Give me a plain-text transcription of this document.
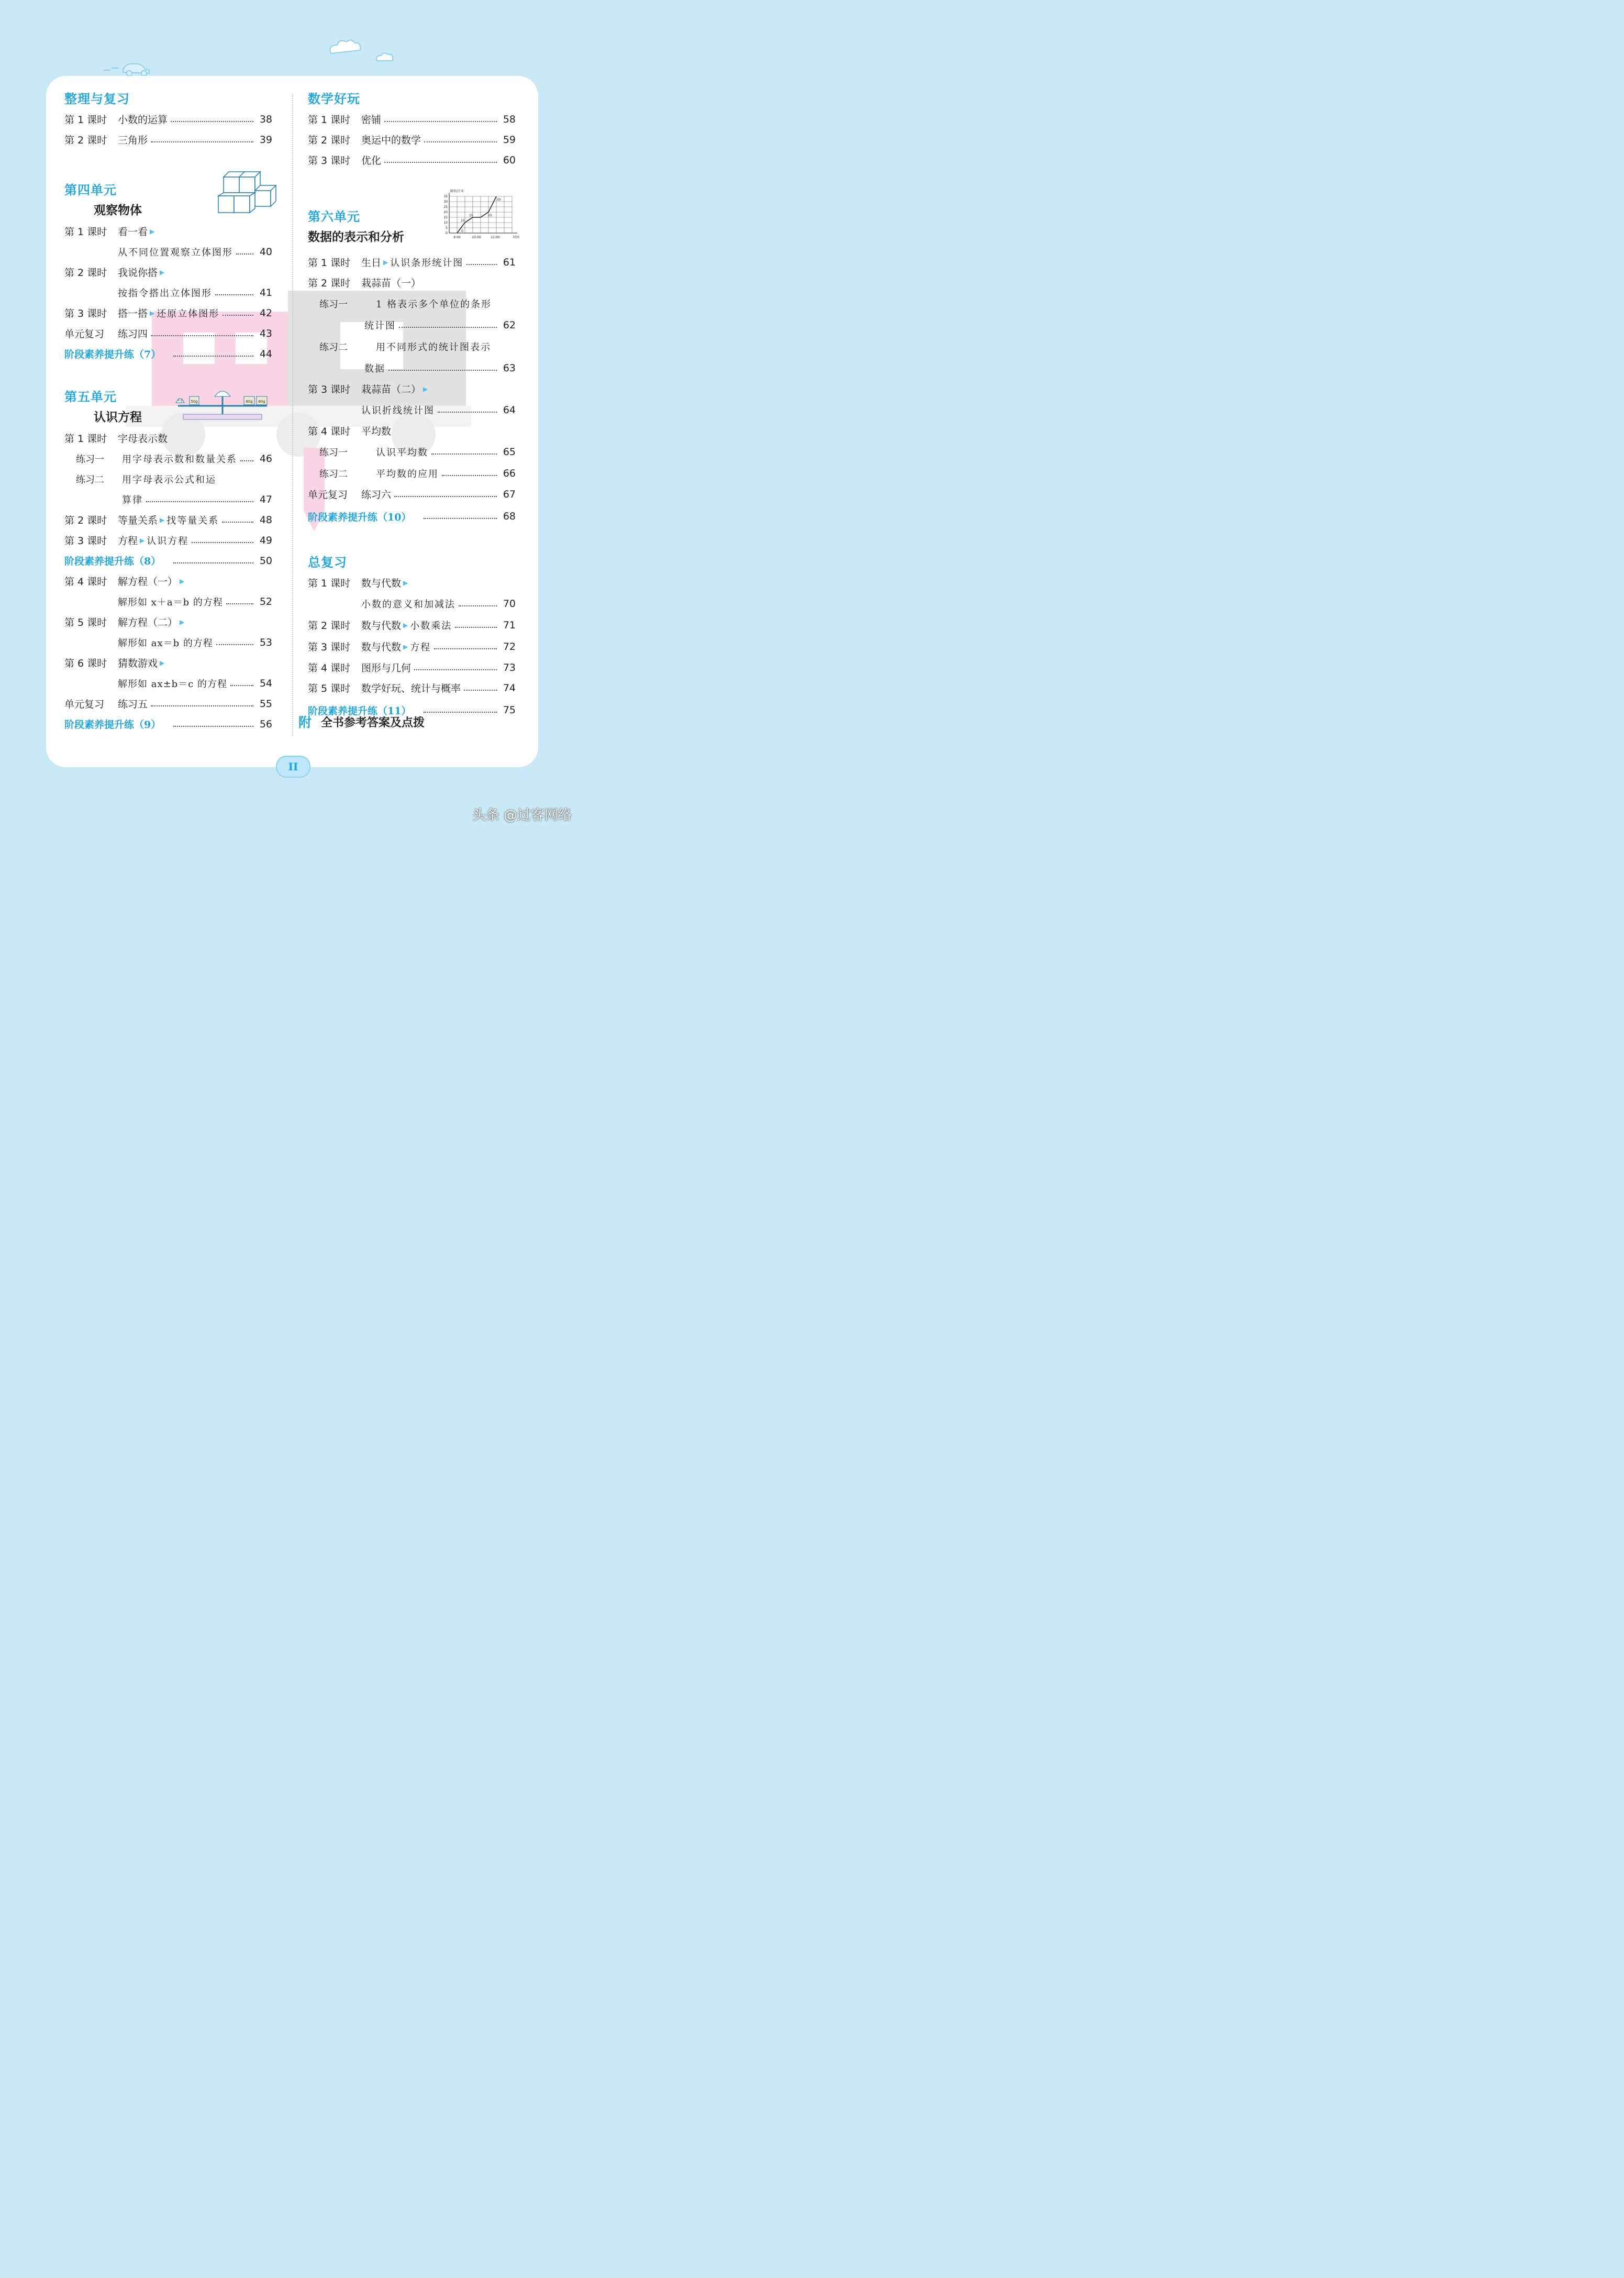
整理与复习
第 1 课时	小数的运算	38
第 2 课时	三角形	39
第四单元
观察物体
第 1 课时	看一看 ▶
从不同位置观察立体图形	40
第 2 课时	我说你搭 ▶
按指令搭出立体图形	41
第 3 课时	搭一搭 ▶ 还原立体图形	42
单元复习	练习四	43
阶段素养提升练（7）	44
第五单元
认识方程
第 1 课时	字母表示数
练习一	用字母表示数和数量关系 46
练习二	用字母表示公式和运
算律	47
第 2 课时	等量关系 ▶ 找等量关系	48
第 3 课时	方程 ▶ 认识方程	49
阶段素养提升练（8）	50
第 4 课时	解方程（一） ▶
解形如 x＋a＝b 的方程	52
第 5 课时	解方程（二） ▶
解形如 ax＝b 的方程	53
第 6 课时	猜数游戏 ▶
解形如 ax±b＝c 的方程	54
单元复习	练习五	55
阶段素养提升练（9）	56
50g
x g	80g 80g
数学好玩
第 1 课时	密铺	58
第 2 课时	奥运中的数学	59
第 3 课时	优化	60
第六单元
数据的表示和分析
第 1 课时	生日 ▶ 认识条形统计图	61
第 2 课时	栽蒜苗（一）
练习一	1 格表示多个单位的条形
统计图	62
练习二	用不同形式的统计图表示
数据	63
第 3 课时	栽蒜苗（二） ▶
认识折线统计图	64
第 4 课时	平均数
练习一	认识平均数	65
练习二	平均数的应用	66
单元复习	练习六	67
阶段素养提升练（10）	68
总复习
第 1 课时	数与代数 ▶
小数的意义和加减法	70
第 2 课时	数与代数 ▶ 小数乘法	71
第 3 课时	数与代数 ▶ 方程	72
第 4 课时	图形与几何	73
第 5 课时	数学好玩、统计与概率	74
阶段素养提升练（11）	75
路程/千米
时间
0
5
10
15
20
25
30
35
9:00	10:00	11:00
0
10
15	15
30
附 全书参考答案及点拨
II
头条 @过客网络
